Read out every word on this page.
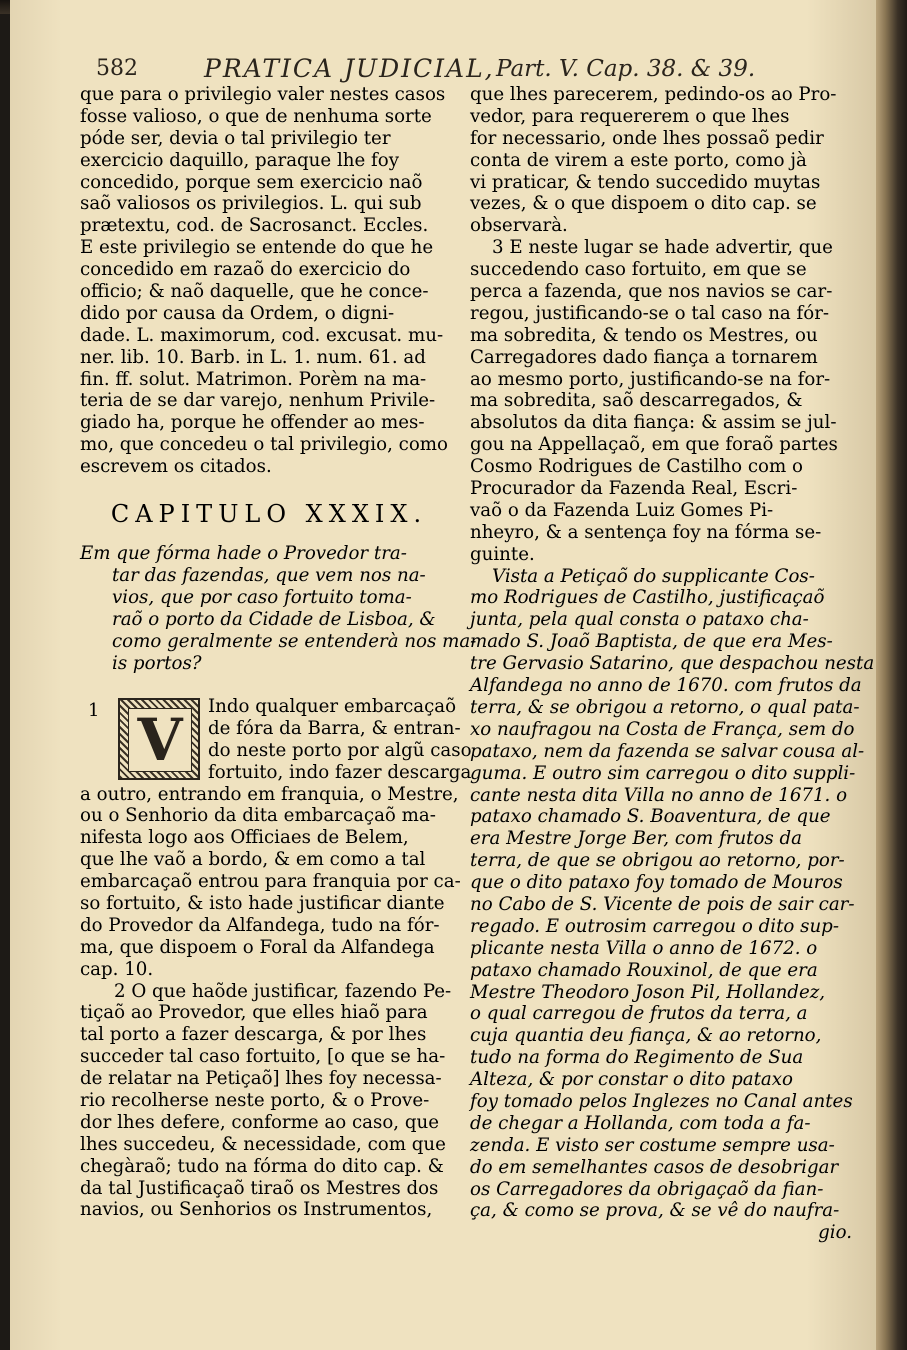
582	PRATICA JUDICIAL, Part. V. Cap. 38. & 39.
que para o privilegio valer nestes casos
fosse valioso, o que de nenhuma sorte
póde ser, devia o tal privilegio ter
exercicio daquillo, paraque lhe foy
concedido, porque sem exercicio naõ
saõ valiosos os privilegios. L. qui sub
prætextu, cod. de Sacrosanct. Eccles.
E este privilegio se entende do que he
concedido em razaõ do exercicio do
officio; & naõ daquelle, que he conce-
dido por causa da Ordem, o digni-
dade. L. maximorum, cod. excusat. mu-
ner. lib. 10. Barb. in L. 1. num. 61. ad
fin. ff. solut. Matrimon. Porèm na ma-
teria de se dar varejo, nenhum Privile-
giado ha, porque he offender ao mes-
mo, que concedeu o tal privilegio, como
escrevem os citados.
CAPITULO XXXIX.
Em que fórma hade o Provedor tra-
tar das fazendas, que vem nos na-
vios, que por caso fortuito toma-
raõ o porto da Cidade de Lisboa, &
como geralmente se entenderà nos ma-
is portos?
Indo qualquer embarcaçaõ
de fóra da Barra, & entran-
do neste porto por algũ caso
fortuito, indo fazer descarga
a outro, entrando em franquia, o Mestre,
ou o Senhorio da dita embarcaçaõ ma-
nifesta logo aos Officiaes de Belem,
que lhe vaõ a bordo, & em como a tal
embarcaçaõ entrou para franquia por ca-
so fortuito, & isto hade justificar diante
do Provedor da Alfandega, tudo na fór-
ma, que dispoem o Foral da Alfandega
cap. 10.
2 O que haõde justificar, fazendo Pe-
tiçaõ ao Provedor, que elles hiaõ para
tal porto a fazer descarga, & por lhes
succeder tal caso fortuito, [o que se ha-
de relatar na Petiçaõ] lhes foy necessa-
rio recolherse neste porto, & o Prove-
dor lhes defere, conforme ao caso, que
lhes succedeu, & necessidade, com que
chegàraõ; tudo na fórma do dito cap. &
da tal Justificaçaõ tiraõ os Mestres dos
navios, ou Senhorios os Instrumentos,
1 V
que lhes parecerem, pedindo-os ao Pro-
vedor, para requererem o que lhes
for necessario, onde lhes possaõ pedir
conta de virem a este porto, como jà
vi praticar, & tendo succedido muytas
vezes, & o que dispoem o dito cap. se
observarà.
3 E neste lugar se hade advertir, que
succedendo caso fortuito, em que se
perca a fazenda, que nos navios se car-
regou, justificando-se o tal caso na fór-
ma sobredita, & tendo os Mestres, ou
Carregadores dado fiança a tornarem
ao mesmo porto, justificando-se na for-
ma sobredita, saõ descarregados, &
absolutos da dita fiança: & assim se jul-
gou na Appellaçaõ, em que foraõ partes
Cosmo Rodrigues de Castilho com o
Procurador da Fazenda Real, Escri-
vaõ o da Fazenda Luiz Gomes Pi-
nheyro, & a sentença foy na fórma se-
guinte.
Vista a Petiçaõ do supplicante Cos-
mo Rodrigues de Castilho, justificaçaõ
junta, pela qual consta o pataxo cha-
mado S. Joaõ Baptista, de que era Mes-
tre Gervasio Satarino, que despachou nesta
Alfandega no anno de 1670. com frutos da
terra, & se obrigou a retorno, o qual pata-
xo naufragou na Costa de França, sem do
pataxo, nem da fazenda se salvar cousa al-
guma. E outro sim carregou o dito suppli-
cante nesta dita Villa no anno de 1671. o
pataxo chamado S. Boaventura, de que
era Mestre Jorge Ber, com frutos da
terra, de que se obrigou ao retorno, por-
que o dito pataxo foy tomado de Mouros
no Cabo de S. Vicente de pois de sair car-
regado. E outrosim carregou o dito sup-
plicante nesta Villa o anno de 1672. o
pataxo chamado Rouxinol, de que era
Mestre Theodoro Joson Pil, Hollandez,
o qual carregou de frutos da terra, a
cuja quantia deu fiança, & ao retorno,
tudo na forma do Regimento de Sua
Alteza, & por constar o dito pataxo
foy tomado pelos Inglezes no Canal antes
de chegar a Hollanda, com toda a fa-
zenda. E visto ser costume sempre usa-
do em semelhantes casos de desobrigar
os Carregadores da obrigaçaõ da fian-
ça, & como se prova, & se vê do naufra-
gio.
